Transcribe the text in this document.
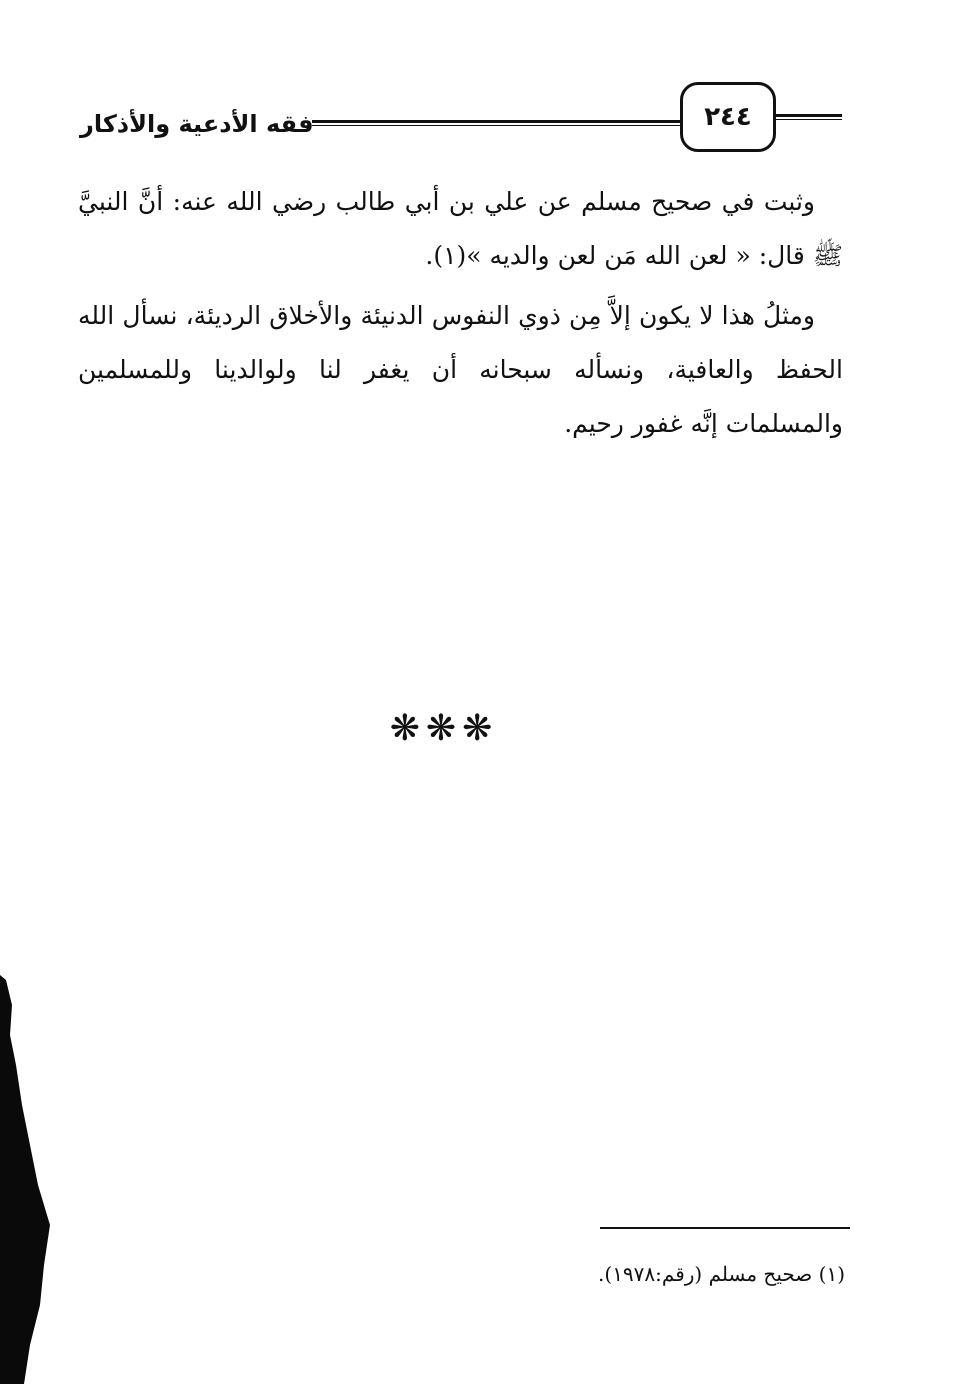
فقه الأدعية والأذكار	٢٤٤

وثبت في صحيح مسلم عن علي بن أبي طالب رضي الله عنه: أنَّ النبيَّ ﷺ قال: « لعن الله مَن لعن والديه »(١).

ومثلُ هذا لا يكون إلاَّ مِن ذوي النفوس الدنيئة والأخلاق الرديئة، نسأل الله الحفظ والعافية، ونسأله سبحانه أن يغفر لنا ولوالدينا وللمسلمين والمسلمات إنَّه غفور رحيم.

❋❋❋
(١) صحيح مسلم (رقم:١٩٧٨).
